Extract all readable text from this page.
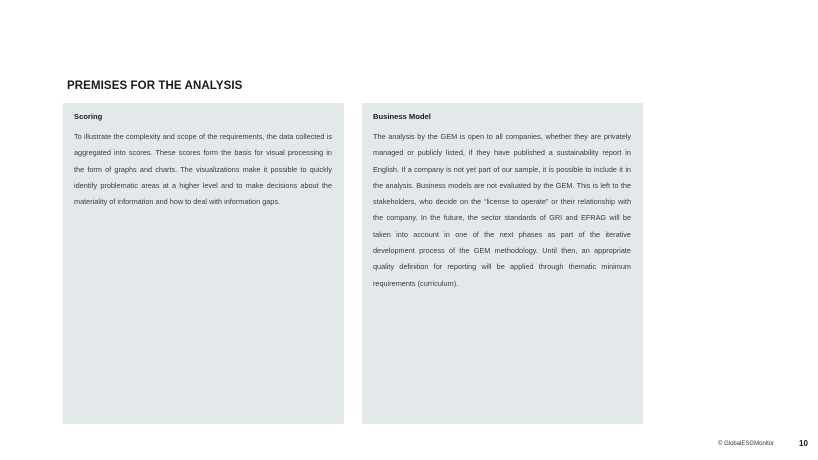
PREMISES FOR THE ANALYSIS

Scoring

To illustrate the complexity and scope of the requirements, the data collected is aggregated into scores. These scores form the basis for visual processing in the form of graphs and charts. The visualizations make it possible to quickly identify problematic areas at a higher level and to make decisions about the materiality of information and how to deal with information gaps.

Business Model

The analysis by the GEM is open to all companies, whether they are privately managed or publicly listed, if they have published a sustainability report in English. If a company is not yet part of our sample, it is possible to include it in the analysis. Business models are not evaluated by the GEM. This is left to the stakeholders, who decide on the “license to operate” or their relationship with the company. In the future, the sector standards of GRI and EFRAG will be taken into account in one of the next phases as part of the iterative development process of the GEM methodology. Until then, an appropriate quality definition for reporting will be applied through thematic minimum requirements (curriculum).

© GlobalESGMonitor	10
